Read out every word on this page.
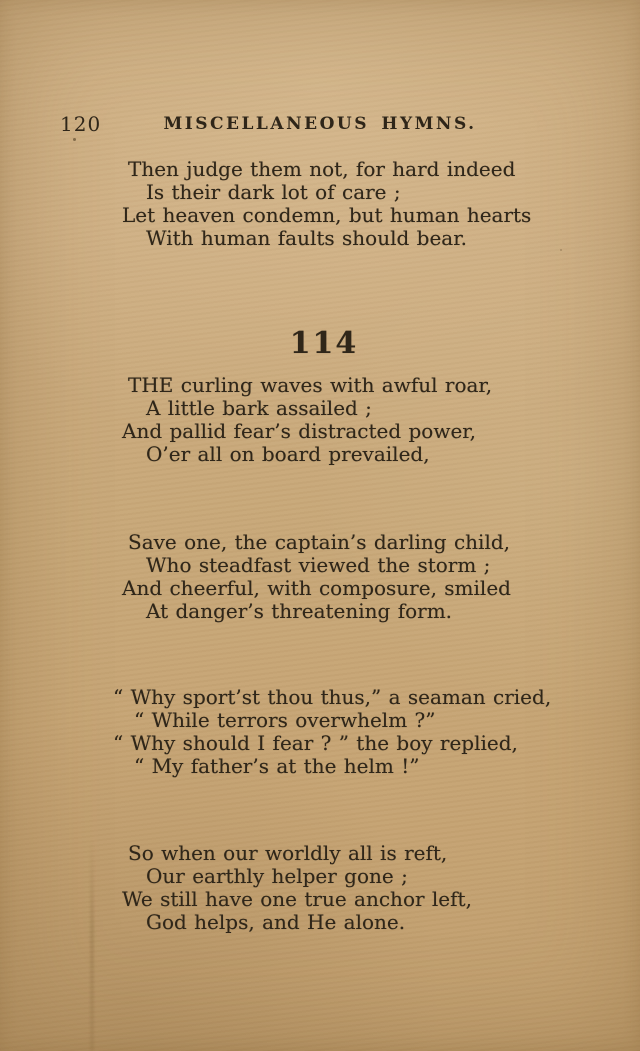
120	MISCELLANEOUS HYMNS.
Then judge them not, for hard indeed
Is their dark lot of care ;
Let heaven condemn, but human hearts
With human faults should bear.
114
THE curling waves with awful roar,
A little bark assailed ;
And pallid fear’s distracted power,
O’er all on board prevailed,
Save one, the captain’s darling child,
Who steadfast viewed the storm ;
And cheerful, with composure, smiled
At danger’s threatening form.
“ Why sport’st thou thus,” a seaman cried,
“ While terrors overwhelm ?”
“ Why should I fear ? ” the boy replied,
“ My father’s at the helm !”
So when our worldly all is reft,
Our earthly helper gone ;
We still have one true anchor left,
God helps, and He alone.
